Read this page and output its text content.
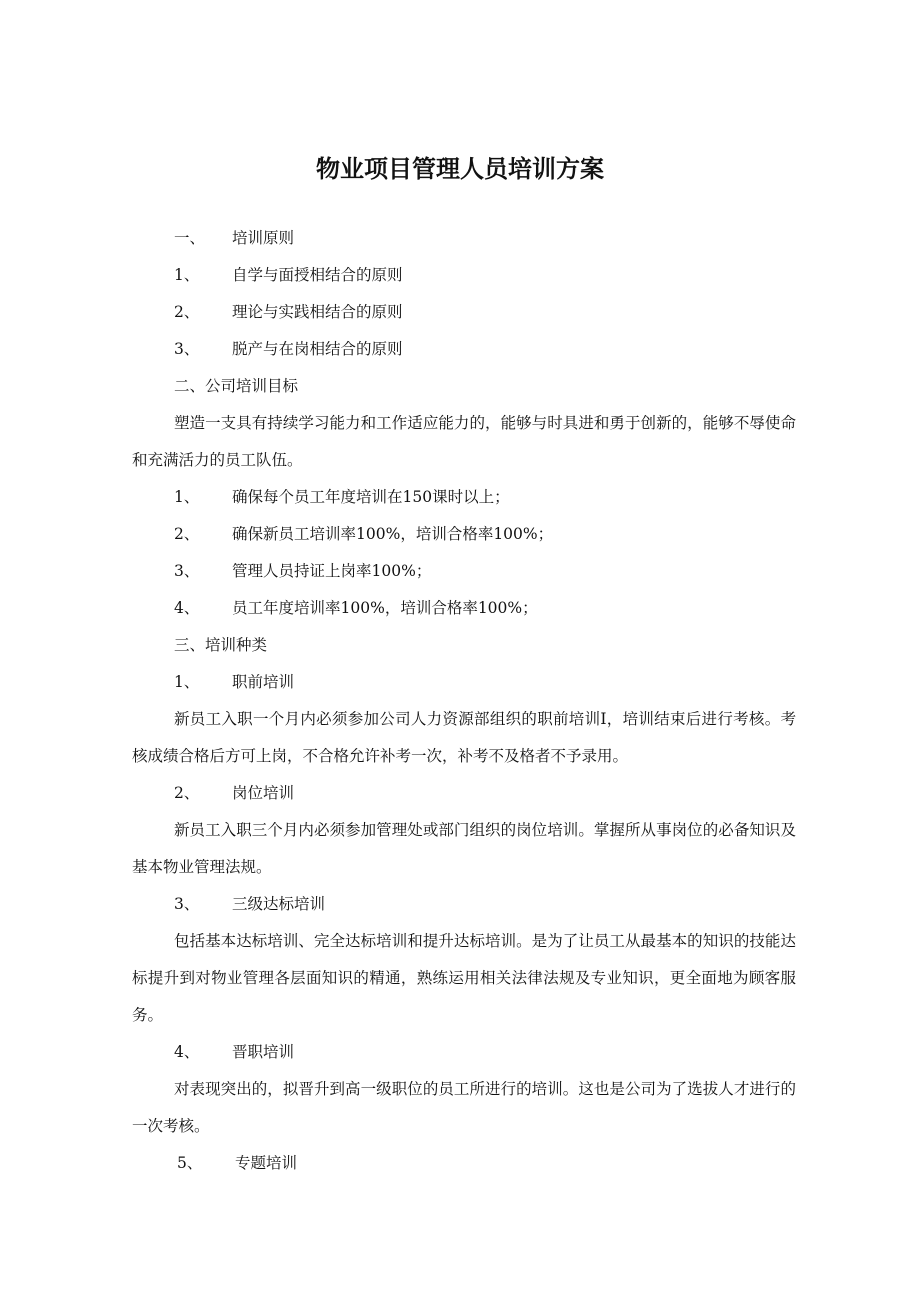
物业项目管理人员培训方案
一、 培训原则
1、 自学与面授相结合的原则
2、 理论与实践相结合的原则
3、 脱产与在岗相结合的原则
二、公司培训目标
塑造一支具有持续学习能力和工作适应能力的，能够与时具进和勇于创新的，能够不辱使命和充满活力的员工队伍。
1、 确保每个员工年度培训在150课时以上；
2、 确保新员工培训率100%，培训合格率100%；
3、 管理人员持证上岗率100%；
4、 员工年度培训率100%，培训合格率100%；
三、培训种类
1、 职前培训
新员工入职一个月内必须参加公司人力资源部组织的职前培训I，培训结束后进行考核。考核成绩合格后方可上岗，不合格允许补考一次，补考不及格者不予录用。
2、 岗位培训
新员工入职三个月内必须参加管理处或部门组织的岗位培训。掌握所从事岗位的必备知识及基本物业管理法规。
3、 三级达标培训
包括基本达标培训、完全达标培训和提升达标培训。是为了让员工从最基本的知识的技能达标提升到对物业管理各层面知识的精通，熟练运用相关法律法规及专业知识，更全面地为顾客服务。
4、 晋职培训
对表现突出的，拟晋升到高一级职位的员工所进行的培训。这也是公司为了选拔人才进行的一次考核。
5、 专题培训
